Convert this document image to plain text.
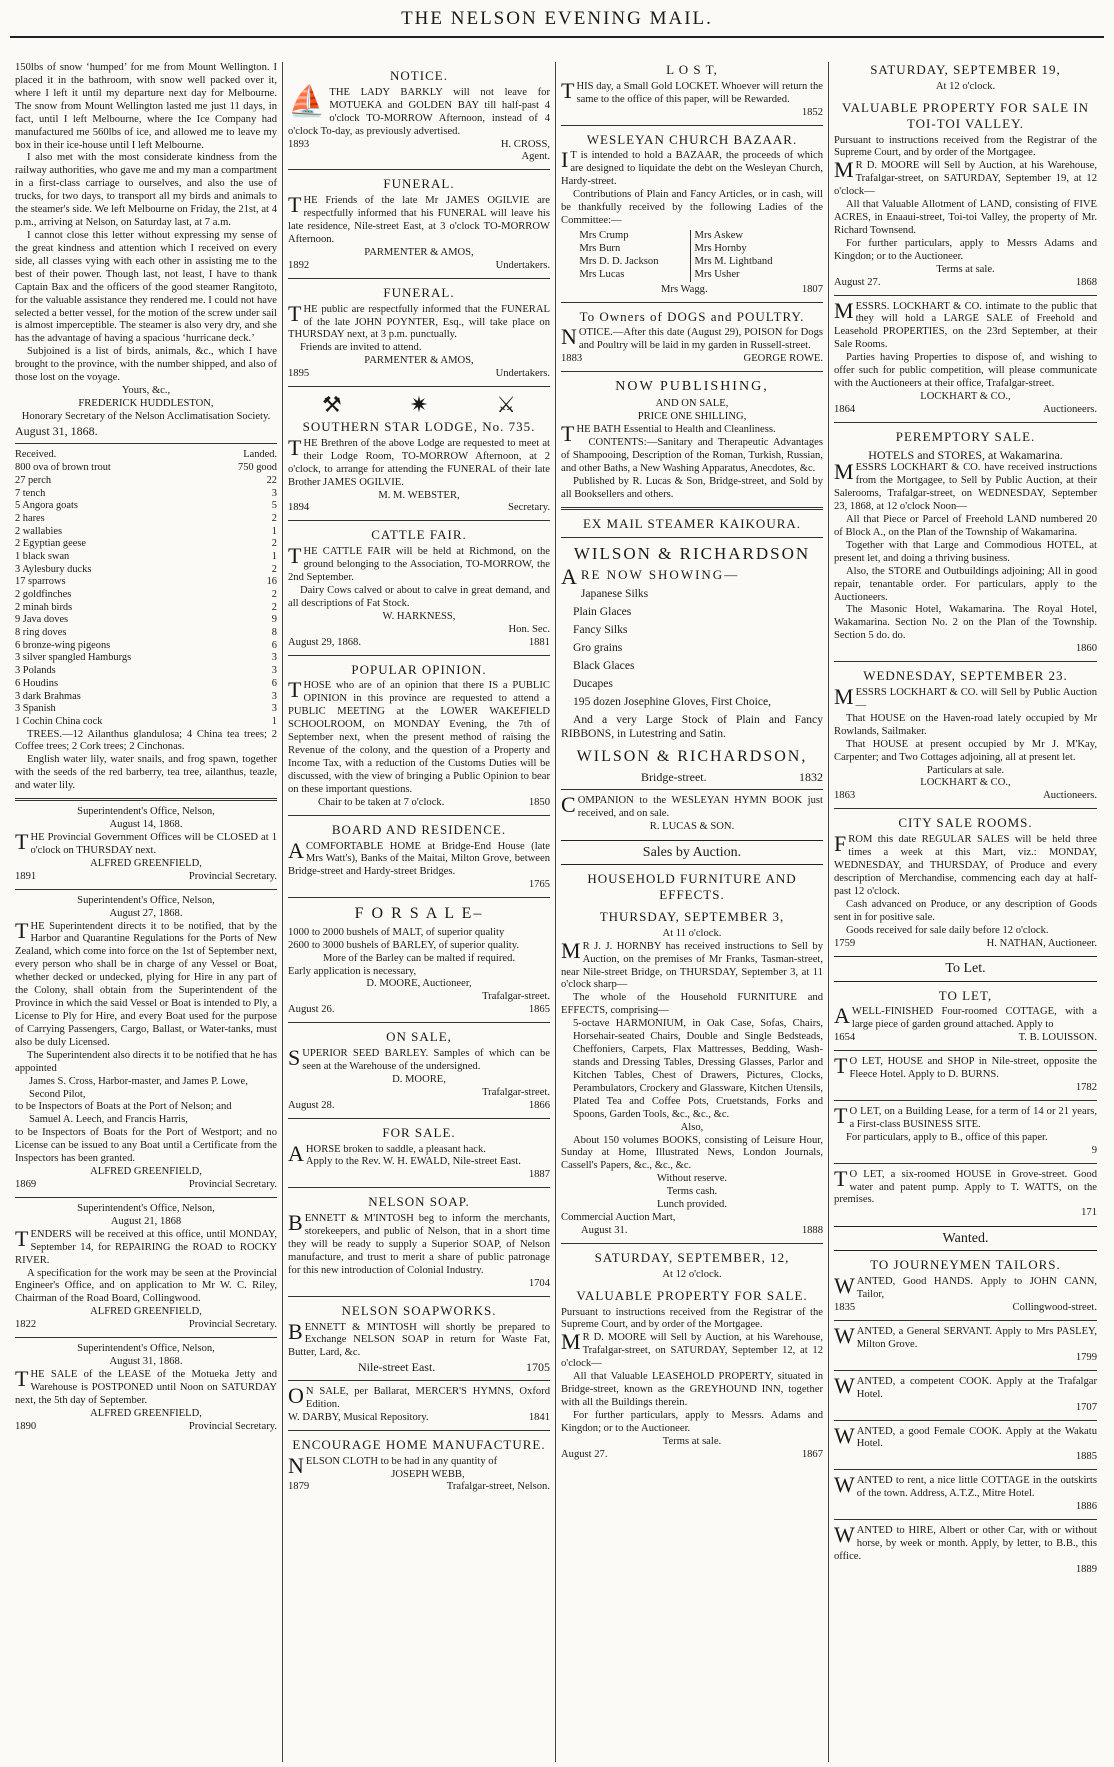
THE NELSON EVENING MAIL.

150lbs of snow ‘humped’ for me from Mount Wellington. I placed it in the bathroom, with snow well packed over it, where I left it until my departure next day for Melbourne. The snow from Mount Wellington lasted me just 11 days, in fact, until I left Melbourne, where the Ice Company had manufactured me 560lbs of ice, and allowed me to leave my box in their ice-house until I left Melbourne.

I also met with the most considerate kindness from the railway authorities, who gave me and my man a compartment in a first-class carriage to ourselves, and also the use of trucks, for two days, to transport all my birds and animals to the steamer's side. We left Melbourne on Friday, the 21st, at 4 p.m., arriving at Nelson, on Saturday last, at 7 a.m.

I cannot close this letter without expressing my sense of the great kindness and attention which I received on every side, all classes vying with each other in assisting me to the best of their power. Though last, not least, I have to thank Captain Bax and the officers of the good steamer Rangitoto, for the valuable assistance they rendered me. I could not have selected a better vessel, for the motion of the screw under sail is almost imperceptible. The steamer is also very dry, and she has the advantage of having a spacious ‘hurricane deck.’

Subjoined is a list of birds, animals, &c., which I have brought to the province, with the number shipped, and also of those lost on the voyage.

Yours, &c.,
FREDERICK HUDDLESTON,
Honorary Secretary of the Nelson Acclimatisation Society.
August 31, 1868.
Received.	Landed.
800 ova of brown trout	750 good
27 perch	22
7 tench	3
5 Angora goats	5
2 hares	2
2 wallabies	1
2 Egyptian geese	2
1 black swan	1
3 Aylesbury ducks	2
17 sparrows	16
2 goldfinches	2
2 minah birds	2
9 Java doves	9
8 ring doves	8
6 bronze-wing pigeons	6
3 silver spangled Hamburgs	3
3 Polands	3
6 Houdins	6
3 dark Brahmas	3
3 Spanish	3
1 Cochin China cock	1

TREES.—12 Ailanthus glandulosa; 4 China tea trees; 2 Coffee trees; 2 Cork trees; 2 Cinchonas.

English water lily, water snails, and frog spawn, together with the seeds of the red barberry, tea tree, ailanthus, teazle, and water lily.

Superintendent's Office, Nelson,
August 14, 1868.

THE Provincial Government Offices will be CLOSED at 1 o'clock on THURSDAY next.

ALFRED GREENFIELD,
1891	Provincial Secretary.
Superintendent's Office, Nelson,
August 27, 1868.

THE Superintendent directs it to be notified, that by the Harbor and Quarantine Regulations for the Ports of New Zealand, which come into force on the 1st of September next, every person who shall be in charge of any Vessel or Boat, whether decked or undecked, plying for Hire in any part of the Colony, shall obtain from the Superintendent of the Province in which the said Vessel or Boat is intended to Ply, a License to Ply for Hire, and every Boat used for the purpose of Carrying Passengers, Cargo, Ballast, or Water-tanks, must also be duly Licensed.

The Superintendent also directs it to be notified that he has appointed

James S. Cross, Harbor-master, and James P. Lowe, Second Pilot,
to be Inspectors of Boats at the Port of Nelson; and
Samuel A. Leech, and Francis Harris,

to be Inspectors of Boats for the Port of Westport; and no License can be issued to any Boat until a Certificate from the Inspectors has been granted.

ALFRED GREENFIELD,
1869	Provincial Secretary.
Superintendent's Office, Nelson,
August 21, 1868

TENDERS will be received at this office, until MONDAY, September 14, for REPAIRING the ROAD to ROCKY RIVER.

A specification for the work may be seen at the Provincial Engineer's Office, and on application to Mr W. C. Riley, Chairman of the Road Board, Collingwood.

ALFRED GREENFIELD,
1822	Provincial Secretary.
Superintendent's Office, Nelson,
August 31, 1868.

THE SALE of the LEASE of the Motueka Jetty and Warehouse is POSTPONED until Noon on SATURDAY next, the 5th day of September.

ALFRED GREENFIELD,
1890	Provincial Secretary.
NOTICE.
⛵ THE LADY BARKLY will not leave for MOTUEKA and GOLDEN BAY till half-past 4 o'clock TO-MORROW Afternoon, instead of 4 o'clock To-day, as previously advertised.

1893	H. CROSS,
Agent.
FUNERAL.

THE Friends of the late Mr JAMES OGILVIE are respectfully informed that his FUNERAL will leave his late residence, Nile-street East, at 3 o'clock TO-MORROW Afternoon.

PARMENTER & AMOS,
1892	Undertakers.
FUNERAL.

THE public are respectfully informed that the FUNERAL of the late JOHN POYNTER, Esq., will take place on THURSDAY next, at 3 p.m. punctually.

Friends are invited to attend.

PARMENTER & AMOS,
1895	Undertakers.
⚒	✷	⚔
SOUTHERN STAR LODGE, No. 735.

THE Brethren of the above Lodge are requested to meet at their Lodge Room, TO-MORROW Afternoon, at 2 o'clock, to arrange for attending the FUNERAL of their late Brother JAMES OGILVIE.

M. M. WEBSTER,
1894	Secretary.
CATTLE FAIR.

THE CATTLE FAIR will be held at Richmond, on the ground belonging to the Association, TO-MORROW, the 2nd September.

Dairy Cows calved or about to calve in great demand, and all descriptions of Fat Stock.

W. HARKNESS,
Hon. Sec.
August 29, 1868.	1881
POPULAR OPINION.

THOSE who are of an opinion that there IS a PUBLIC OPINION in this province are requested to attend a PUBLIC MEETING at the LOWER WAKEFIELD SCHOOLROOM, on MONDAY Evening, the 7th of September next, when the present method of raising the Revenue of the colony, and the question of a Property and Income Tax, with a reduction of the Customs Duties will be discussed, with the view of bringing a Public Opinion to bear on these important questions.

Chair to be taken at 7 o'clock.	1850
BOARD AND RESIDENCE.

ACOMFORTABLE HOME at Bridge-End House (late Mrs Watt's), Banks of the Maitai, Milton Grove, between Bridge-street and Hardy-street Bridges.

1765
F O R S A L E–
1000 to 2000 bushels of MALT, of superior quality
2600 to 3000 bushels of BARLEY, of superior quality.
More of the Barley can be malted if required.
Early application is necessary,
D. MOORE, Auctioneer,
Trafalgar-street.
August 26.	1865
ON SALE,

SUPERIOR SEED BARLEY. Samples of which can be seen at the Warehouse of the undersigned.

D. MOORE,
Trafalgar-street.
August 28.	1866
FOR SALE.

AHORSE broken to saddle, a pleasant hack.

Apply to the Rev. W. H. EWALD, Nile-street East.

1887
NELSON SOAP.

BENNETT & M'INTOSH beg to inform the merchants, storekeepers, and public of Nelson, that in a short time they will be ready to supply a Superior SOAP, of Nelson manufacture, and trust to merit a share of public patronage for this new introduction of Colonial Industry.

1704
NELSON SOAPWORKS.

BENNETT & M'INTOSH will shortly be prepared to Exchange NELSON SOAP in return for Waste Fat, Butter, Lard, &c.

Nile-street East.	1705

ON SALE, per Ballarat, MERCER'S HYMNS, Oxford Edition.

W. DARBY, Musical Repository.	1841
ENCOURAGE HOME MANUFACTURE.

NELSON CLOTH to be had in any quantity of

JOSEPH WEBB,
1879	Trafalgar-street, Nelson.
L O S T,

THIS day, a Small Gold LOCKET. Whoever will return the same to the office of this paper, will be Rewarded.

1852
WESLEYAN CHURCH BAZAAR.

IT is intended to hold a BAZAAR, the proceeds of which are designed to liquidate the debt on the Wesleyan Church, Hardy-street.

Contributions of Plain and Fancy Articles, or in cash, will be thankfully received by the following Ladies of the Committee:—

Mrs Crump	Mrs Askew
Mrs Burn	Mrs Hornby
Mrs D. D. Jackson	Mrs M. Lightband
Mrs Lucas	Mrs Usher
Mrs Wagg.	1807
To Owners of DOGS and POULTRY.

NOTICE.—After this date (August 29), POISON for Dogs and Poultry will be laid in my garden in Russell-street.

1883	GEORGE ROWE.
NOW PUBLISHING,
AND ON SALE,
PRICE ONE SHILLING,

THE BATH Essential to Health and Cleanliness.

CONTENTS:—Sanitary and Therapeutic Advantages of Shampooing, Description of the Roman, Turkish, Russian, and other Baths, a New Washing Apparatus, Anecdotes, &c.

Published by R. Lucas & Son, Bridge-street, and Sold by all Booksellers and others.

EX MAIL STEAMER KAIKOURA.
WILSON & RICHARDSON
ARE NOW SHOWING—
Japanese Silks
Plain Glaces
Fancy Silks
Gro grains
Black Glaces
Ducapes
195 dozen Josephine Gloves, First Choice,

And a very Large Stock of Plain and Fancy RIBBONS, in Lutestring and Satin.

WILSON & RICHARDSON,
Bridge-street.	1832

COMPANION to the WESLEYAN HYMN BOOK just received, and on sale.

R. LUCAS & SON.
Sales by Auction.
HOUSEHOLD FURNITURE AND EFFECTS.
THURSDAY, SEPTEMBER 3,
At 11 o'clock.

MR J. J. HORNBY has received instructions to Sell by Auction, on the premises of Mr Franks, Tasman-street, near Nile-street Bridge, on THURSDAY, September 3, at 11 o'clock sharp—

The whole of the Household FURNITURE and EFFECTS, comprising—

5-octave HARMONIUM, in Oak Case, Sofas, Chairs, Horsehair-seated Chairs, Double and Single Bedsteads, Cheffoniers, Carpets, Flax Mattresses, Bedding, Wash-stands and Dressing Tables, Dressing Glasses, Parlor and Kitchen Tables, Chest of Drawers, Pictures, Clocks, Perambulators, Crockery and Glassware, Kitchen Utensils, Plated Tea and Coffee Pots, Cruetstands, Forks and Spoons, Garden Tools, &c., &c., &c.

Also,

About 150 volumes BOOKS, consisting of Leisure Hour, Sunday at Home, Illustrated News, London Journals, Cassell's Papers, &c., &c., &c.

Without reserve.
Terms cash.
Lunch provided.
Commercial Auction Mart,
August 31.	1888
SATURDAY, SEPTEMBER, 12,
At 12 o'clock.
VALUABLE PROPERTY FOR SALE.

Pursuant to instructions received from the Registrar of the Supreme Court, and by order of the Mortgagee.

MR D. MOORE will Sell by Auction, at his Warehouse, Trafalgar-street, on SATURDAY, September 12, at 12 o'clock—

All that Valuable LEASEHOLD PROPERTY, situated in Bridge-street, known as the GREYHOUND INN, together with all the Buildings therein.

For further particulars, apply to Messrs. Adams and Kingdon; or to the Auctioneer.

Terms at sale.
August 27.	1867
SATURDAY, SEPTEMBER 19,
At 12 o'clock.
VALUABLE PROPERTY FOR SALE IN TOI-TOI VALLEY.

Pursuant to instructions received from the Registrar of the Supreme Court, and by order of the Mortgagee.

MR D. MOORE will Sell by Auction, at his Warehouse, Trafalgar-street, on SATURDAY, September 19, at 12 o'clock—

All that Valuable Allotment of LAND, consisting of FIVE ACRES, in Enaaui-street, Toi-toi Valley, the property of Mr. Richard Townsend.

For further particulars, apply to Messrs Adams and Kingdon; or to the Auctioneer.

Terms at sale.
August 27.	1868

MESSRS. LOCKHART & CO. intimate to the public that they will hold a LARGE SALE of Freehold and Leasehold PROPERTIES, on the 23rd September, at their Sale Rooms.

Parties having Properties to dispose of, and wishing to offer such for public competition, will please communicate with the Auctioneers at their office, Trafalgar-street.

LOCKHART & CO.,
1864	Auctioneers.
PEREMPTORY SALE.
HOTELS and STORES, at Wakamarina.

MESSRS LOCKHART & CO. have received instructions from the Mortgagee, to Sell by Public Auction, at their Salerooms, Trafalgar-street, on WEDNESDAY, September 23, 1868, at 12 o'clock Noon—

All that Piece or Parcel of Freehold LAND numbered 20 of Block A., on the Plan of the Township of Wakamarina.

Together with that Large and Commodious HOTEL, at present let, and doing a thriving business.

Also, the STORE and Outbuildings adjoining; All in good repair, tenantable order. For particulars, apply to the Auctioneers.

The Masonic Hotel, Wakamarina. The Royal Hotel, Wakamarina. Section No. 2 on the Plan of the Township. Section 5 do. do.

1860
WEDNESDAY, SEPTEMBER 23.

MESSRS LOCKHART & CO. will Sell by Public Auction—

That HOUSE on the Haven-road lately occupied by Mr Rowlands, Sailmaker.

That HOUSE at present occupied by Mr J. M'Kay, Carpenter; and Two Cottages adjoining, all at present let.

Particulars at sale.
LOCKHART & CO.,
1863	Auctioneers.
CITY SALE ROOMS.

FROM this date REGULAR SALES will be held three times a week at this Mart, viz.: MONDAY, WEDNESDAY, and THURSDAY, of Produce and every description of Merchandise, commencing each day at half-past 12 o'clock.

Cash advanced on Produce, or any description of Goods sent in for positive sale.

Goods received for sale daily before 12 o'clock.

1759	H. NATHAN, Auctioneer.
To Let.
TO LET,

AWELL-FINISHED Four-roomed COTTAGE, with a large piece of garden ground attached. Apply to

1654	T. B. LOUISSON.

TO LET, HOUSE and SHOP in Nile-street, opposite the Fleece Hotel. Apply to D. BURNS.

1782

TO LET, on a Building Lease, for a term of 14 or 21 years, a First-class BUSINESS SITE.

For particulars, apply to B., office of this paper.

9

TO LET, a six-roomed HOUSE in Grove-street. Good water and patent pump. Apply to T. WATTS, on the premises.

171
Wanted.
TO JOURNEYMEN TAILORS.

WANTED, Good HANDS. Apply to JOHN CANN, Tailor,

1835	Collingwood-street.

WANTED, a General SERVANT. Apply to Mrs PASLEY, Milton Grove.

1799

WANTED, a competent COOK. Apply at the Trafalgar Hotel.

1707

WANTED, a good Female COOK. Apply at the Wakatu Hotel.

1885

WANTED to rent, a nice little COTTAGE in the outskirts of the town. Address, A.T.Z., Mitre Hotel.

1886

WANTED to HIRE, Albert or other Car, with or without horse, by week or month. Apply, by letter, to B.B., this office.

1889
